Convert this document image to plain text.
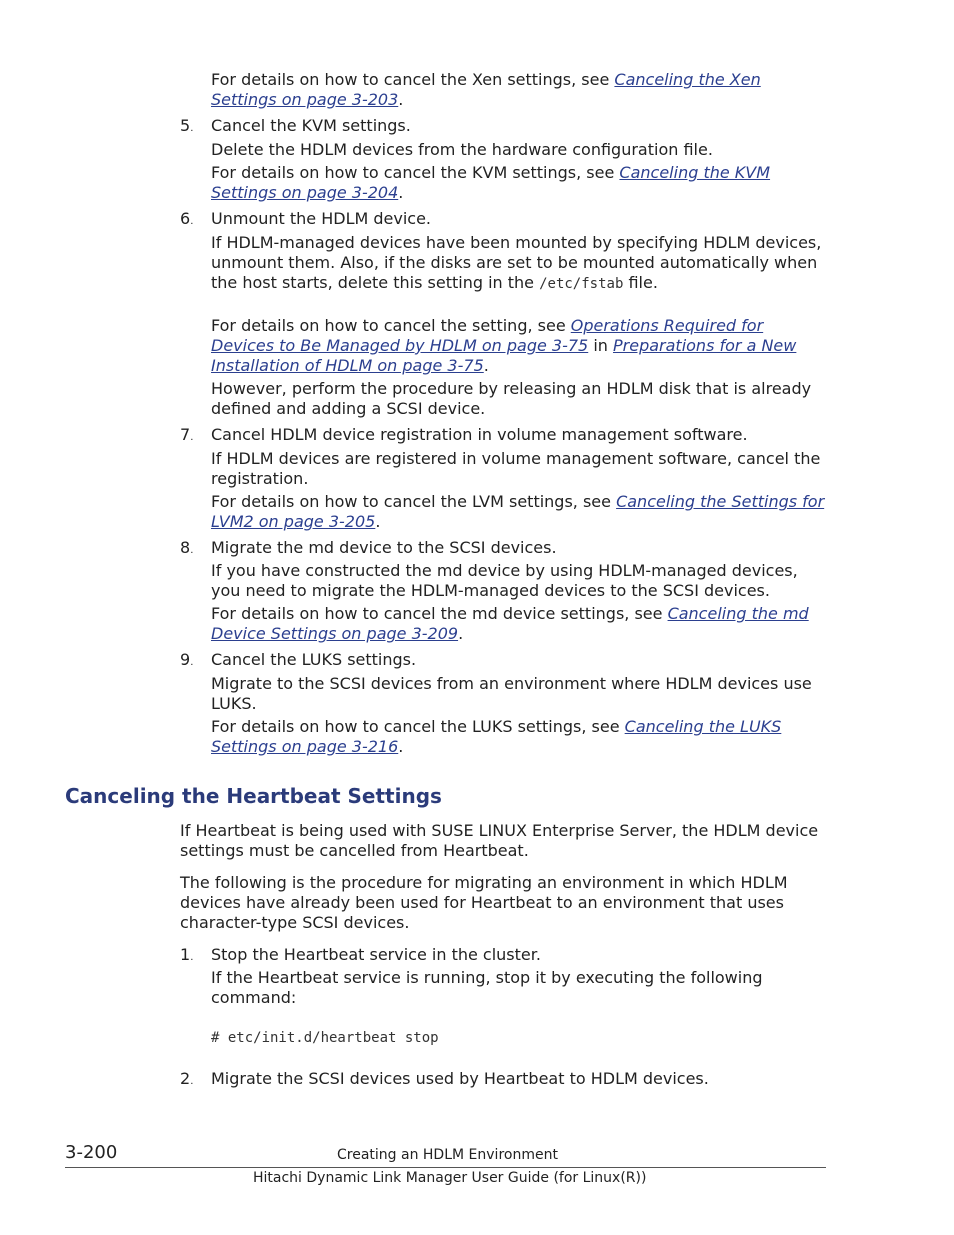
For details on how to cancel the Xen settings, see Canceling the Xen Settings on page 3-203.

5. Cancel the KVM settings.

Delete the HDLM devices from the hardware configuration file.

For details on how to cancel the KVM settings, see Canceling the KVM Settings on page 3-204.

6. Unmount the HDLM device.

If HDLM-managed devices have been mounted by specifying HDLM devices, unmount them. Also, if the disks are set to be mounted automatically when the host starts, delete this setting in the /etc/fstab file.

For details on how to cancel the setting, see Operations Required for Devices to Be Managed by HDLM on page 3-75 in Preparations for a New Installation of HDLM on page 3-75.

However, perform the procedure by releasing an HDLM disk that is already defined and adding a SCSI device.

7. Cancel HDLM device registration in volume management software.

If HDLM devices are registered in volume management software, cancel the registration.

For details on how to cancel the LVM settings, see Canceling the Settings for LVM2 on page 3-205.

8. Migrate the md device to the SCSI devices.

If you have constructed the md device by using HDLM-managed devices, you need to migrate the HDLM-managed devices to the SCSI devices.

For details on how to cancel the md device settings, see Canceling the md Device Settings on page 3-209.

9. Cancel the LUKS settings.

Migrate to the SCSI devices from an environment where HDLM devices use LUKS.

For details on how to cancel the LUKS settings, see Canceling the LUKS Settings on page 3-216.

Canceling the Heartbeat Settings

If Heartbeat is being used with SUSE LINUX Enterprise Server, the HDLM device settings must be cancelled from Heartbeat.

The following is the procedure for migrating an environment in which HDLM devices have already been used for Heartbeat to an environment that uses character-type SCSI devices.

1. Stop the Heartbeat service in the cluster.

If the Heartbeat service is running, stop it by executing the following command:

# etc/init.d/heartbeat stop
2. Migrate the SCSI devices used by Heartbeat to HDLM devices.

3-200	Creating an HDLM Environment
Hitachi Dynamic Link Manager User Guide (for Linux(R))
